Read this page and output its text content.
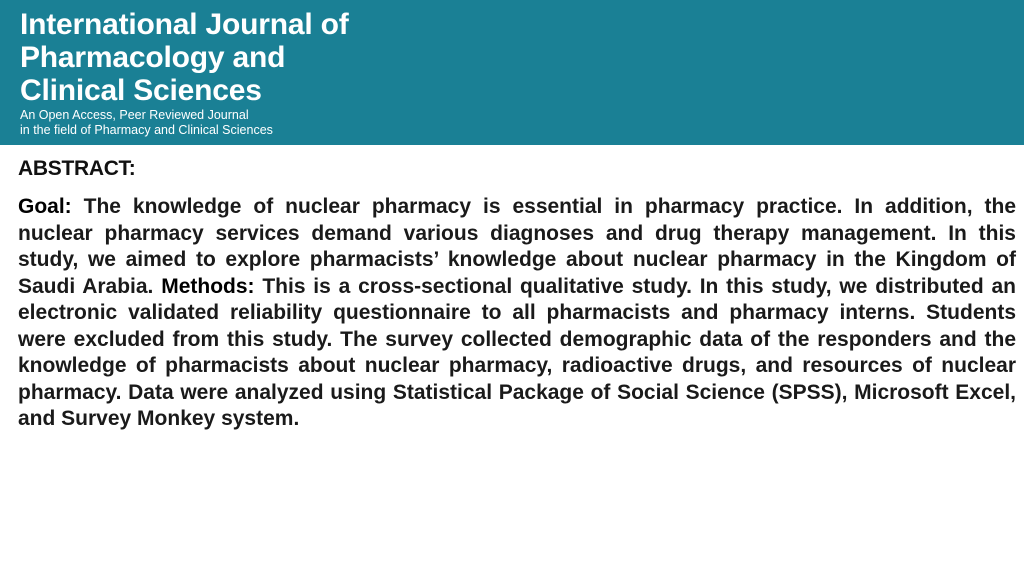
International Journal of
Pharmacology and
Clinical Sciences
An Open Access, Peer Reviewed Journal
in the field of Pharmacy and Clinical Sciences
ABSTRACT:

Goal: The knowledge of nuclear pharmacy is essential in pharmacy practice. In addition, the nuclear pharmacy services demand various diagnoses and drug therapy management. In this study, we aimed to explore pharmacists’ knowledge about nuclear pharmacy in the Kingdom of Saudi Arabia. Methods: This is a cross-sectional qualitative study. In this study, we distributed an electronic validated reliability questionnaire to all pharmacists and pharmacy interns. Students were excluded from this study. The survey collected demographic data of the responders and the knowledge of pharmacists about nuclear pharmacy, radioactive drugs, and resources of nuclear pharmacy. Data were analyzed using Statistical Package of Social Science (SPSS), Microsoft Excel, and Survey Monkey system.
